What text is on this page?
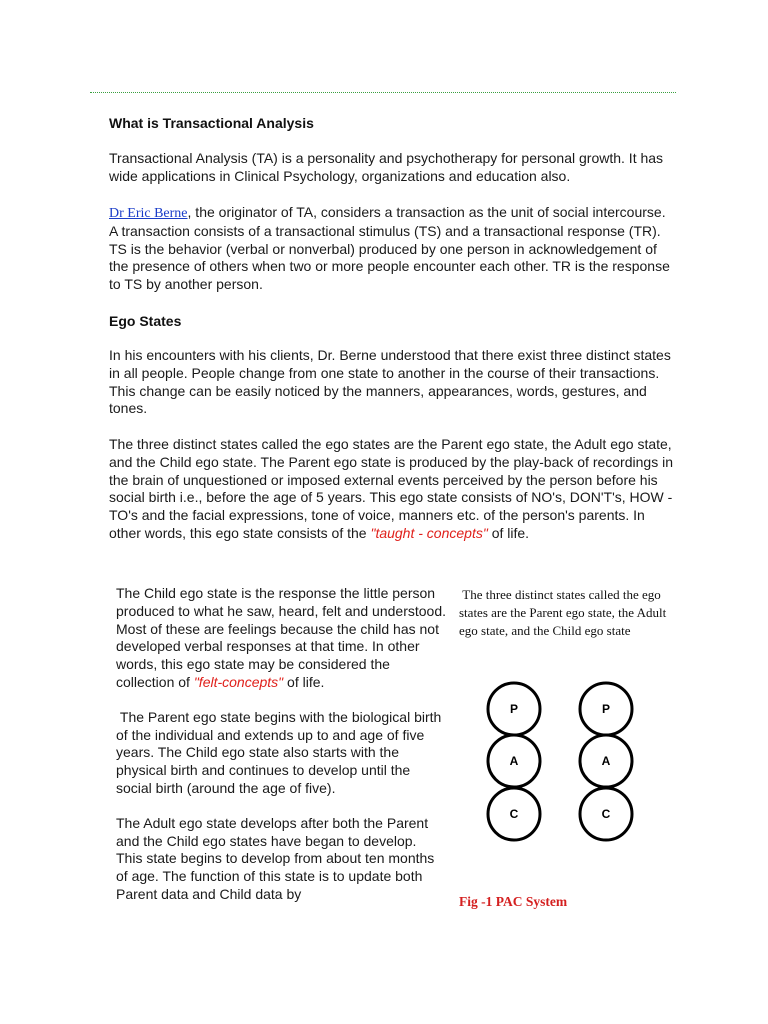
What is Transactional Analysis

Transactional Analysis (TA) is a personality and psychotherapy for personal growth. It has wide applications in Clinical Psychology, organizations and education also.

Dr Eric Berne, the originator of TA, considers a transaction as the unit of social intercourse. A transaction consists of a transactional stimulus (TS) and a transactional response (TR). TS is the behavior (verbal or nonverbal) produced by one person in acknowledgement of the presence of others when two or more people encounter each other. TR is the response to TS by another person.

Ego States

In his encounters with his clients, Dr. Berne understood that there exist three distinct states in all people. People change from one state to another in the course of their transactions. This change can be easily noticed by the manners, appearances, words, gestures, and tones.

The three distinct states called the ego states are the Parent ego state, the Adult ego state, and the Child ego state. The Parent ego state is produced by the play-back of recordings in the brain of unquestioned or imposed external events perceived by the person before his social birth i.e., before the age of 5 years. This ego state consists of NO's, DON'T's, HOW -TO's and the facial expressions, tone of voice, manners etc. of the person's parents. In other words, this ego state consists of the "taught - concepts" of life.

The Child ego state is the response the little person produced to what he saw, heard, felt and understood. Most of these are feelings because the child has not developed verbal responses at that time. In other words, this ego state may be considered the collection of "felt-concepts" of life.

The Parent ego state begins with the biological birth of the individual and extends up to and age of five years. The Child ego state also starts with the physical birth and continues to develop until the social birth (around the age of five).

The Adult ego state develops after both the Parent and the Child ego states have began to develop. This state begins to develop from about ten months of age. The function of this state is to update both Parent data and Child data by

The three distinct states called the ego states are the Parent ego state, the Adult ego state, and the Child ego state
P
A
C
P
A
C
Fig -1 PAC System
